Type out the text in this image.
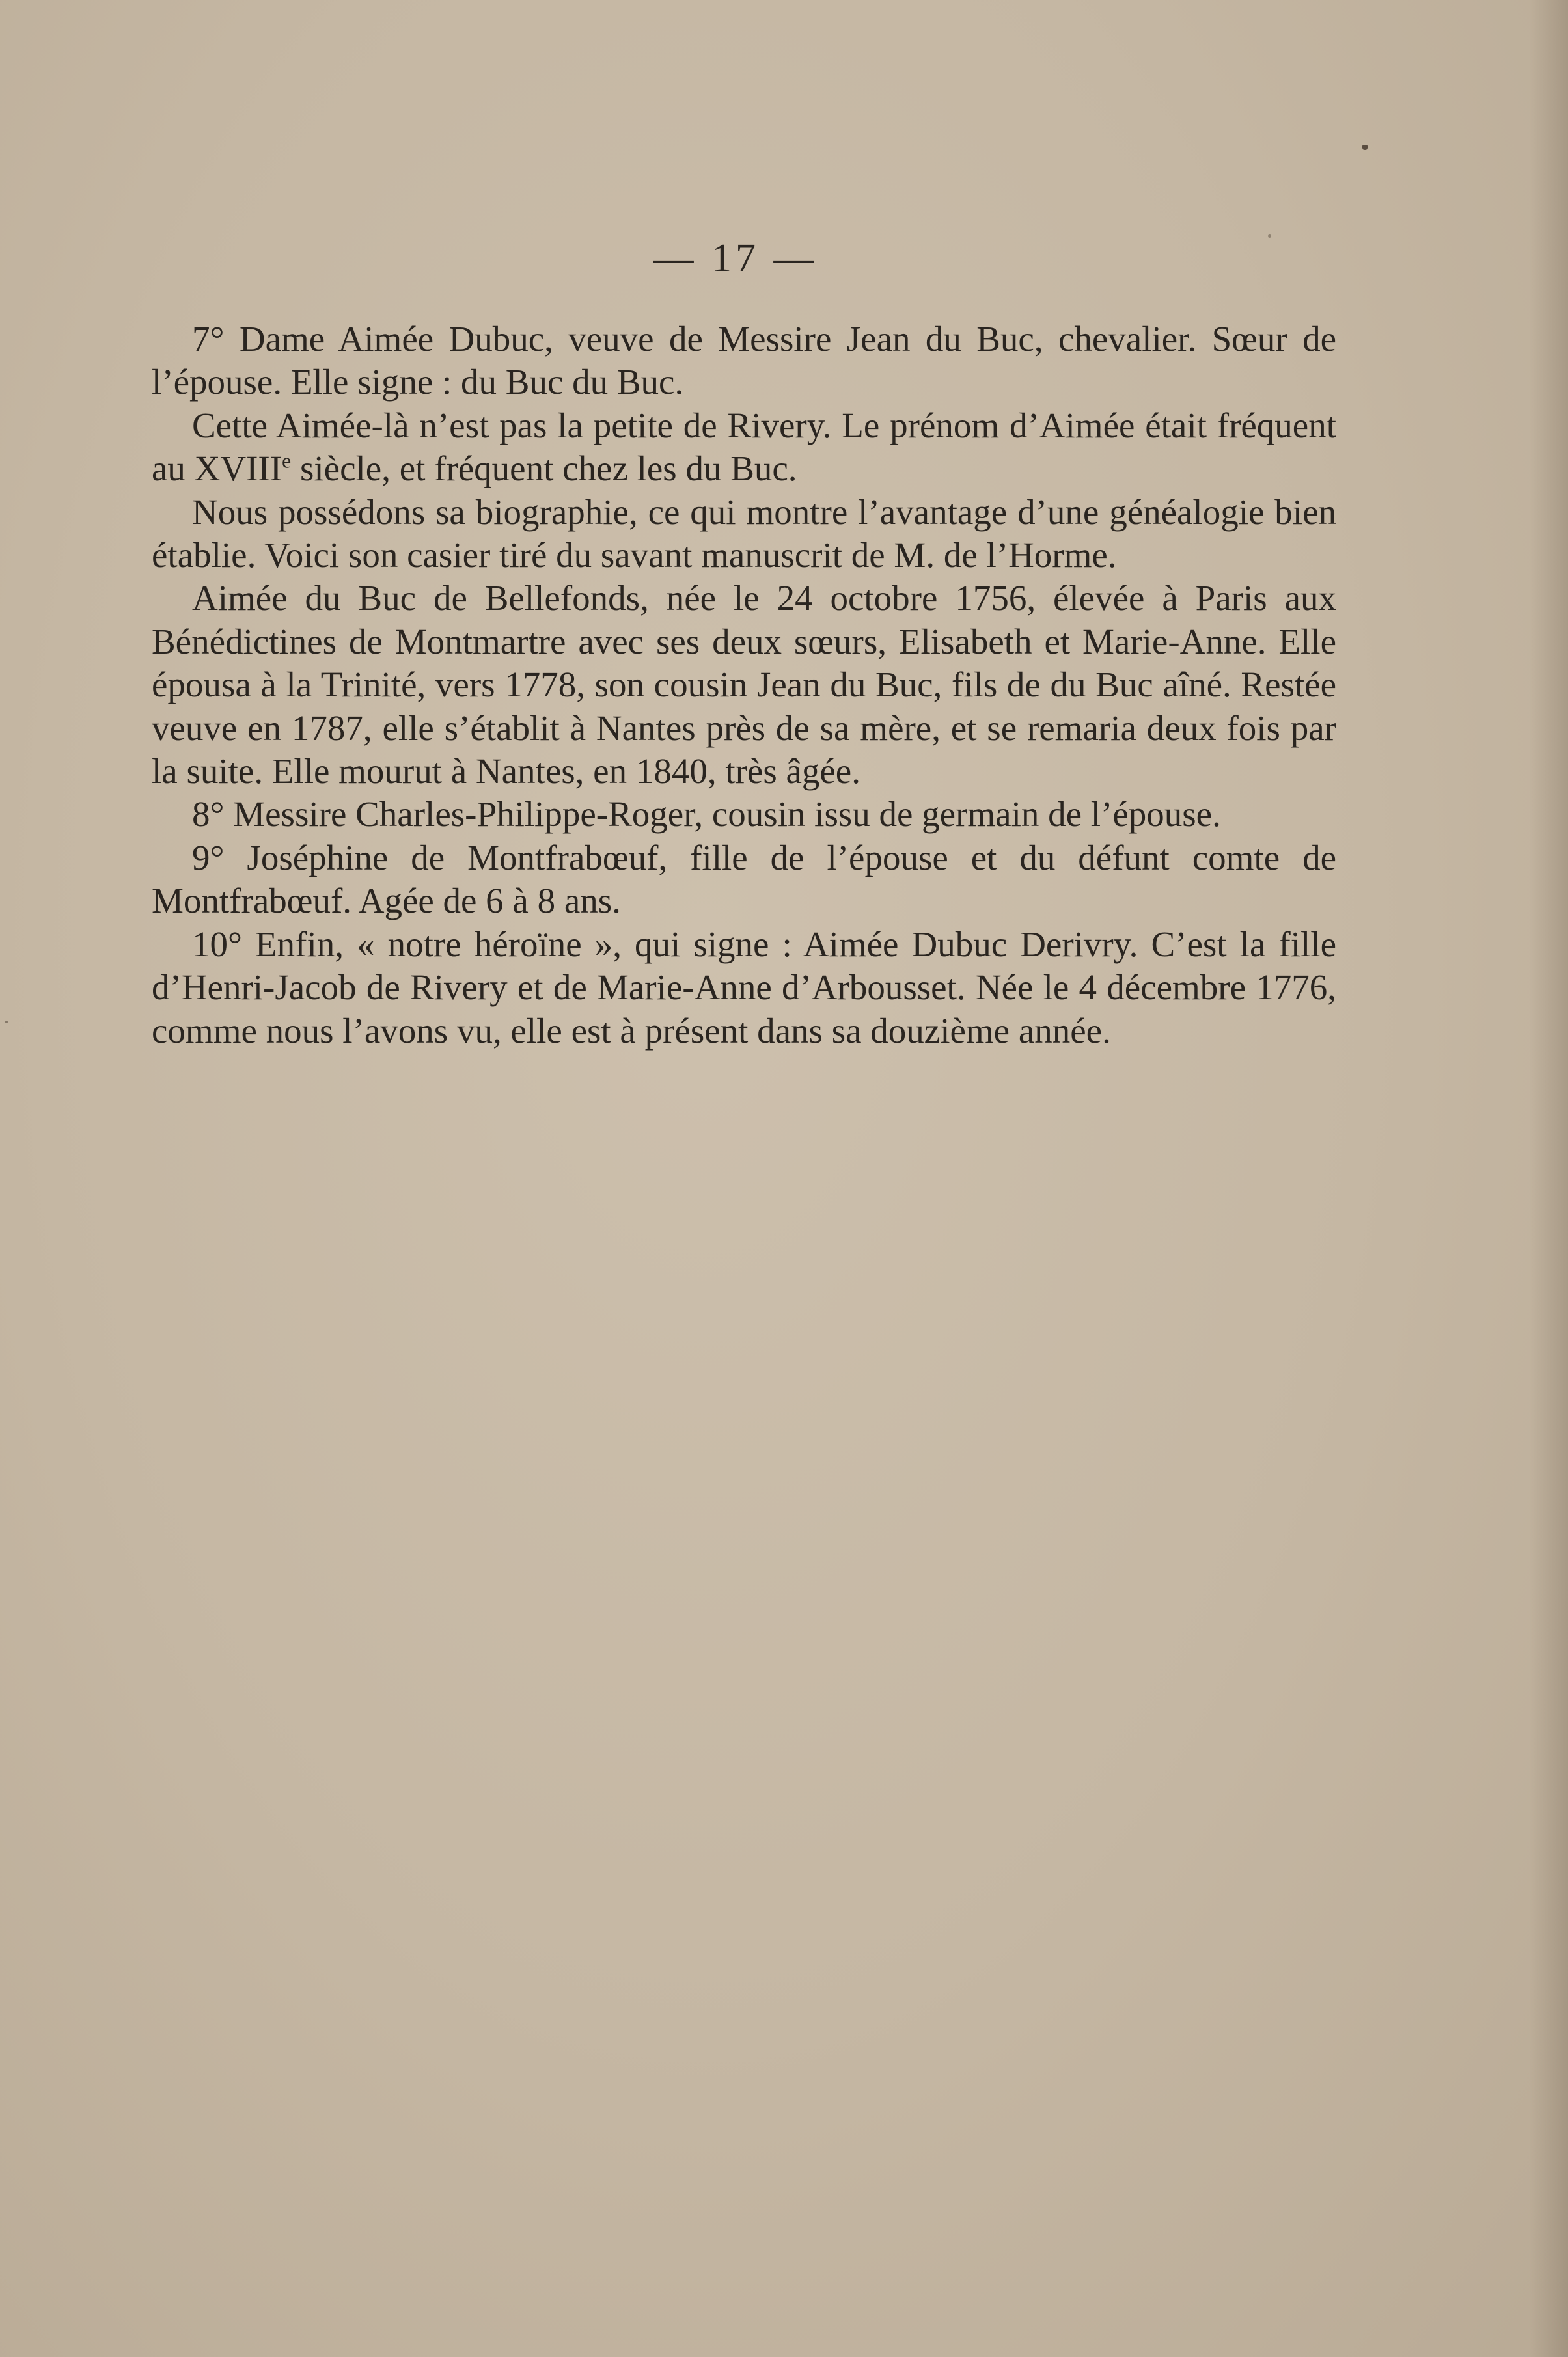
— 17 —

7° Dame Aimée Dubuc, veuve de Messire Jean du Buc, chevalier. Sœur de l’épouse. Elle signe : du Buc du Buc.

Cette Aimée-là n’est pas la petite de Rivery. Le prénom d’Aimée était fréquent au XVIIIe siècle, et fréquent chez les du Buc.

Nous possédons sa biographie, ce qui montre l’avantage d’une généalogie bien établie. Voici son casier tiré du savant manuscrit de M. de l’Horme.

Aimée du Buc de Bellefonds, née le 24 octobre 1756, élevée à Paris aux Bénédictines de Montmartre avec ses deux sœurs, Elisabeth et Marie-Anne. Elle épousa à la Trinité, vers 1778, son cousin Jean du Buc, fils de du Buc aîné. Restée veuve en 1787, elle s’établit à Nantes près de sa mère, et se remaria deux fois par la suite. Elle mourut à Nantes, en 1840, très âgée.

8° Messire Charles-Philippe-Roger, cousin issu de germain de l’épouse.

9° Joséphine de Montfrabœuf, fille de l’épouse et du défunt comte de Montfrabœuf. Agée de 6 à 8 ans.

10° Enfin, « notre héroïne », qui signe : Aimée Dubuc Derivry. C’est la fille d’Henri-Jacob de Rivery et de Marie-Anne d’Arbousset. Née le 4 décembre 1776, comme nous l’avons vu, elle est à présent dans sa douzième année.
